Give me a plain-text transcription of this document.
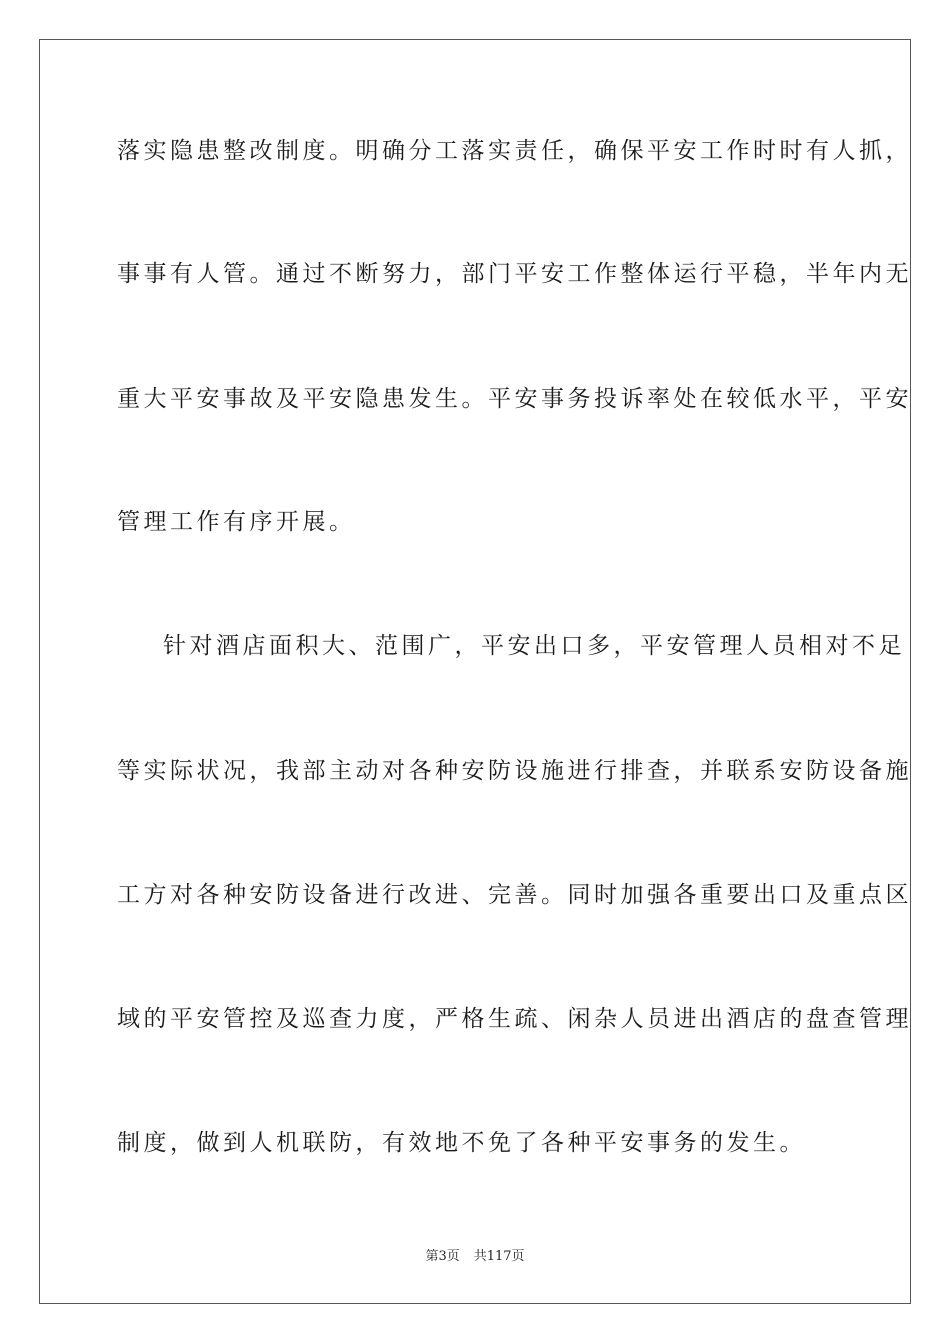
落实隐患整改制度。明确分工落实责任，确保平安工作时时有人抓，
事事有人管。通过不断努力，部门平安工作整体运行平稳，半年内无
重大平安事故及平安隐患发生。平安事务投诉率处在较低水平，平安
管理工作有序开展。
针对酒店面积大、范围广，平安出口多，平安管理人员相对不足
等实际状况，我部主动对各种安防设施进行排查，并联系安防设备施
工方对各种安防设备进行改进、完善。同时加强各重要出口及重点区
域的平安管控及巡查力度，严格生疏、闲杂人员进出酒店的盘查管理
制度，做到人机联防，有效地不免了各种平安事务的发生。
第3页 共117页
